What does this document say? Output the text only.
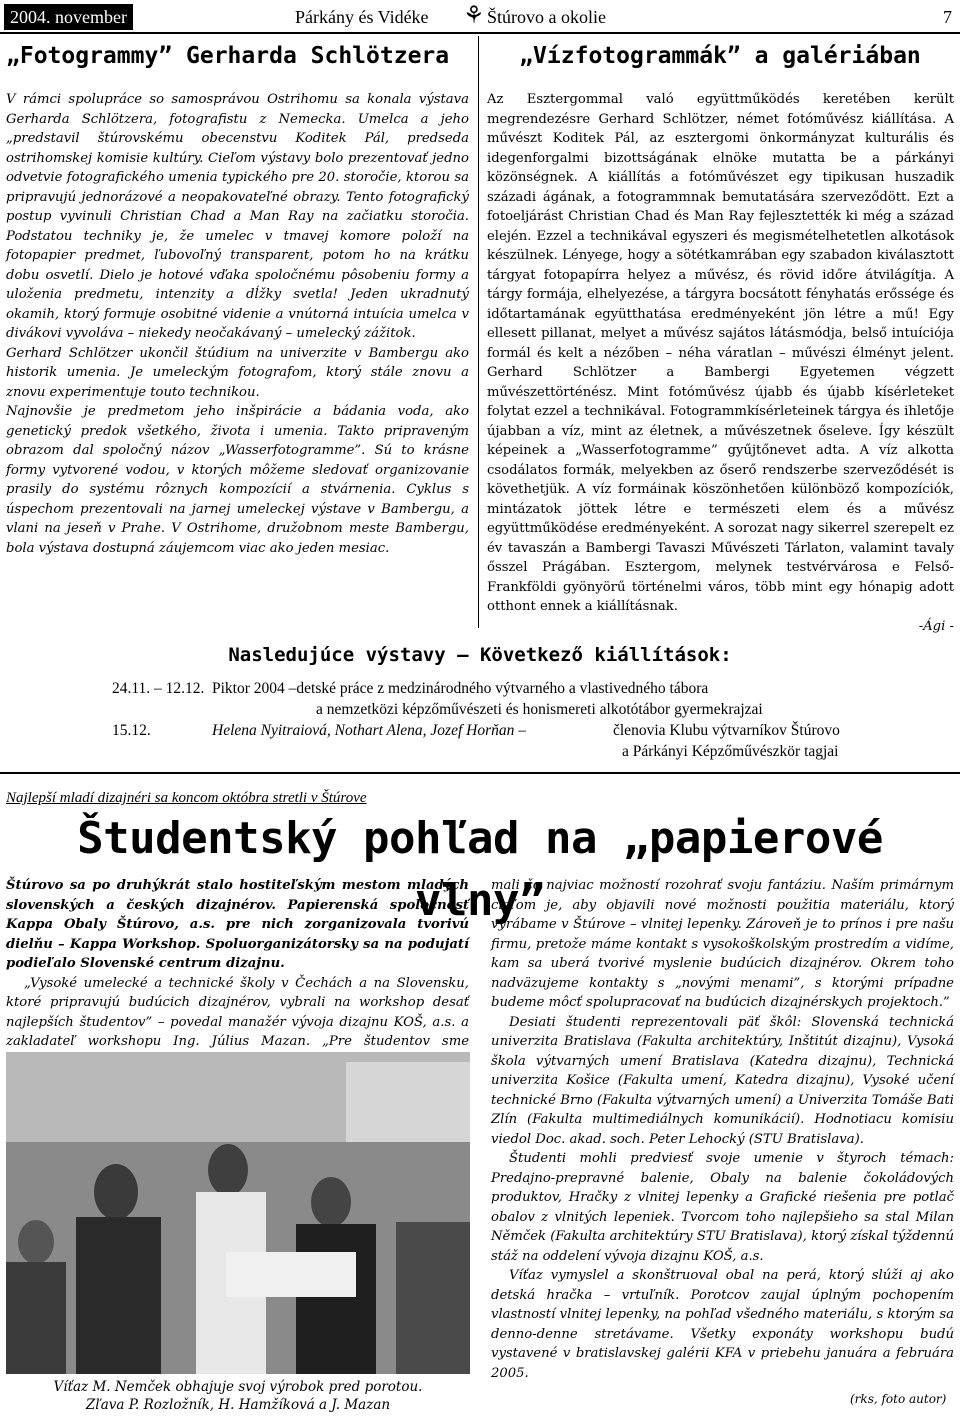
2004. november	Párkány és Vidéke ⚘ Štúrovo a okolie	7
„Fotogrammy” Gerharda Schlötzera

V rámci spolupráce so samosprávou Ostrihomu sa konala výstava Gerharda Schlötzera, fotografistu z Nemecka. Umelca a jeho „predstavil štúrovskému obecenstvu Koditek Pál, predseda ostrihomskej komisie kultúry. Cieľom výstavy bolo prezentovať jedno odvetvie fotografického umenia typického pre 20. storočie, ktorou sa pripravujú jednorázové a neopakovateľné obrazy. Tento fotografický postup vyvinuli Christian Chad a Man Ray na začiatku storočia. Podstatou techniky je, že umelec v tmavej komore položí na fotopapier predmet, ľubovoľný transparent, potom ho na krátku dobu osvetlí. Dielo je hotové vďaka spoločnému pôsobeniu formy a uloženia predmetu, intenzity a dĺžky svetla! Jeden ukradnutý okamih, ktorý formuje osobitné videnie a vnútorná intuícia umelca v divákovi vyvoláva – niekedy neočakávaný – umelecký zážitok.

Gerhard Schlötzer ukončil štúdium na univerzite v Bambergu ako historik umenia. Je umeleckým fotografom, ktorý stále znovu a znovu experimentuje touto technikou.

Najnovšie je predmetom jeho inšpirácie a bádania voda, ako genetický predok všetkého, života i umenia. Takto pripraveným obrazom dal spoločný názov „Wasserfotogramme”. Sú to krásne formy vytvorené vodou, v ktorých môžeme sledovať organizovanie prasily do systému rôznych kompozícií a stvárnenia. Cyklus s úspechom prezentovali na jarnej umeleckej výstave v Bambergu, a vlani na jeseň v Prahe. V Ostrihome, družobnom meste Bambergu, bola výstava dostupná záujemcom viac ako jeden mesiac.

„Vízfotogrammák” a galériában

Az Esztergommal való együttműködés keretében került megrendezésre Gerhard Schlötzer, német fotóművész kiállítása. A művészt Koditek Pál, az esztergomi önkormányzat kulturális és idegenforgalmi bizottságának elnöke mutatta be a párkányi közönségnek. A kiállítás a fotóművészet egy tipikusan huszadik századi ágának, a fotogrammnak bemutatására szerveződött. Ezt a fotoeljárást Christian Chad és Man Ray fejlesztették ki még a század elején. Ezzel a technikával egyszeri és megismételhetetlen alkotások készülnek. Lényege, hogy a sötétkamrában egy szabadon kiválasztott tárgyat fotopapírra helyez a művész, és rövid időre átvilágítja. A tárgy formája, elhelyezése, a tárgyra bocsátott fényhatás erőssége és időtartamának együtthatása eredményeként jön létre a mű! Egy ellesett pillanat, melyet a művész sajátos látásmódja, belső intuíciója formál és kelt a nézőben – néha váratlan – művészi élményt jelent. Gerhard Schlötzer a Bambergi Egyetemen végzett művészettörténész. Mint fotóművész újabb és újabb kísérleteket folytat ezzel a technikával. Fotogrammkísérleteinek tárgya és ihletője újabban a víz, mint az életnek, a művészetnek őseleve. Így készült képeinek a „Wasserfotogramme” gyűjtőnevet adta. A víz alkotta csodálatos formák, melyekben az őserő rendszerbe szerveződését is követhetjük. A víz formáinak köszönhetően különböző kompozíciók, mintázatok jöttek létre e természeti elem és a művész együttműködése eredményeként. A sorozat nagy sikerrel szerepelt ez év tavaszán a Bambergi Tavaszi Művészeti Tárlaton, valamint tavaly ősszel Prágában. Esztergom, melynek testvérvárosa e Felső-Frankföldi gyönyörű történelmi város, több mint egy hónapig adott otthont ennek a kiállításnak.

-Ági -

Nasledujúce výstavy – Következő kiállítások:
24.11. – 12.12. Piktor 2004 –detské práce z medzinárodného výtvarného a vlastivedného tábora
a nemzetközi képzőművészeti és honismereti alkotótábor gyermekrajzai
15.12.	Helena Nyitraiová, Nothart Alena, Jozef Horňan –	členovia Klubu výtvarníkov Štúrovo
a Párkányi Képzőművészkör tagjai
Najlepší mladí dizajnéri sa koncom októbra stretli v Štúrove
Študentský pohľad na „papierové vlny”

Štúrovo sa po druhýkrát stalo hostiteľským mestom mladých slovenských a českých dizajnérov. Papierenská spoločnosť Kappa Obaly Štúrovo, a.s. pre nich zorganizovala tvorivú dielňu – Kappa Workshop. Spoluorganizátorsky sa na podujatí podieľalo Slovenské centrum dizajnu.

„Vysoké umelecké a technické školy v Čechách a na Slovensku, ktoré pripravujú budúcich dizajnérov, vybrali na workshop desať najlepších študentov” – povedal manažér vývoja dizajnu KOŠ, a.s. a zakladateľ workshopu Ing. Július Mazan. „Pre študentov sme

Víťaz M. Nemček obhajuje svoj výrobok pred porotou.
Zľava P. Rozložník, H. Hamžíková a J. Mazan

mali čo najviac možností rozohrať svoju fantáziu. Naším primárnym cieľom je, aby objavili nové možnosti použitia materiálu, ktorý vyrábame v Štúrove – vlnitej lepenky. Zároveň je to prínos i pre našu firmu, pretože máme kontakt s vysokoškolským prostredím a vidíme, kam sa uberá tvorivé myslenie budúcich dizajnérov. Okrem toho nadväzujeme kontakty s „novými menami”, s ktorými prípadne budeme môcť spolupracovať na budúcich dizajnérskych projektoch.”

Desiati študenti reprezentovali päť škôl: Slovenská technická univerzita Bratislava (Fakulta architektúry, Inštitút dizajnu), Vysoká škola výtvarných umení Bratislava (Katedra dizajnu), Technická univerzita Košice (Fakulta umení, Katedra dizajnu), Vysoké učení technické Brno (Fakulta výtvarných umení) a Univerzita Tomáše Bati Zlín (Fakulta multimediálnych komunikácií). Hodnotiacu komisiu viedol Doc. akad. soch. Peter Lehocký (STU Bratislava).

Študenti mohli predviesť svoje umenie v štyroch témach: Predajno-prepravné balenie, Obaly na balenie čokoládových produktov, Hračky z vlnitej lepenky a Grafické riešenia pre potlač obalov z vlnitých lepeniek. Tvorcom toho najlepšieho sa stal Milan Němček (Fakulta architektúry STU Bratislava), ktorý získal týždennú stáž na oddelení vývoja dizajnu KOŠ, a.s.

Víťaz vymyslel a skonštruoval obal na perá, ktorý slúži aj ako detská hračka – vrtuľník. Porotcov zaujal úplným pochopením vlastností vlnitej lepenky, na pohľad všedného materiálu, s ktorým sa denno-denne stretávame. Všetky exponáty workshopu budú vystavené v bratislavskej galérii KFA v priebehu januára a februára 2005.

(rks, foto autor)
